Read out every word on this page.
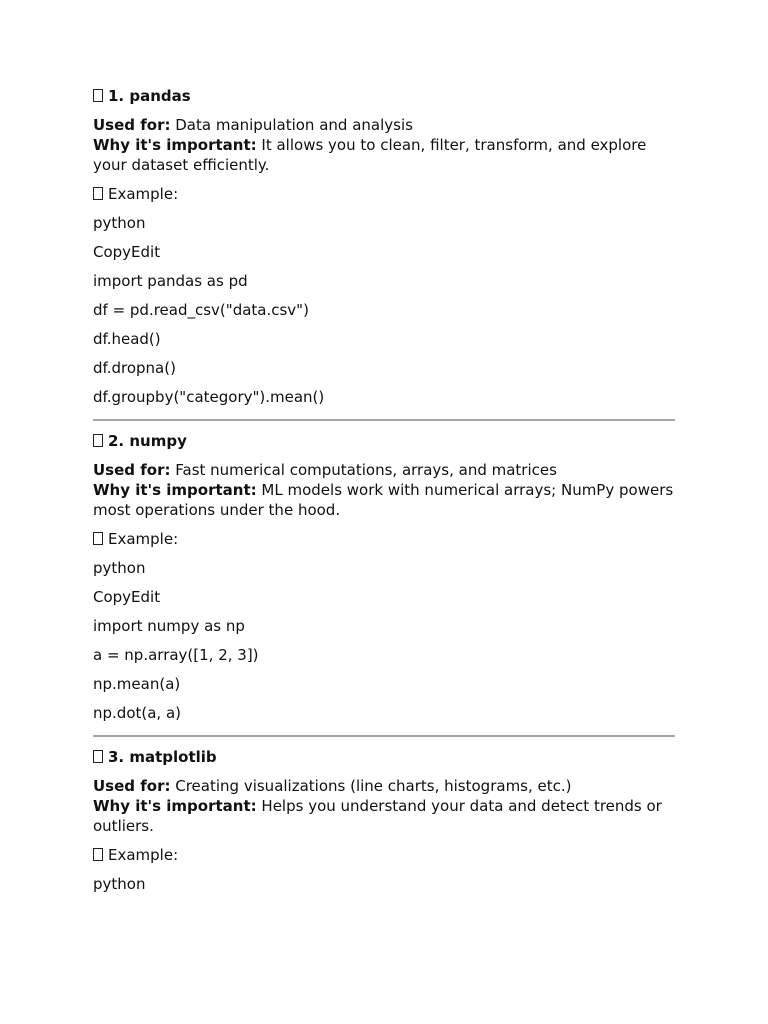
1. pandas
Used for: Data manipulation and analysis
Why it's important: It allows you to clean, filter, transform, and explore your dataset efficiently.
Example:
python
CopyEdit
import pandas as pd
df = pd.read_csv("data.csv")
df.head()
df.dropna()
df.groupby("category").mean()
2. numpy
Used for: Fast numerical computations, arrays, and matrices
Why it's important: ML models work with numerical arrays; NumPy powers most operations under the hood.
Example:
python
CopyEdit
import numpy as np
a = np.array([1, 2, 3])
np.mean(a)
np.dot(a, a)
3. matplotlib
Used for: Creating visualizations (line charts, histograms, etc.)
Why it's important: Helps you understand your data and detect trends or outliers.
Example:
python
